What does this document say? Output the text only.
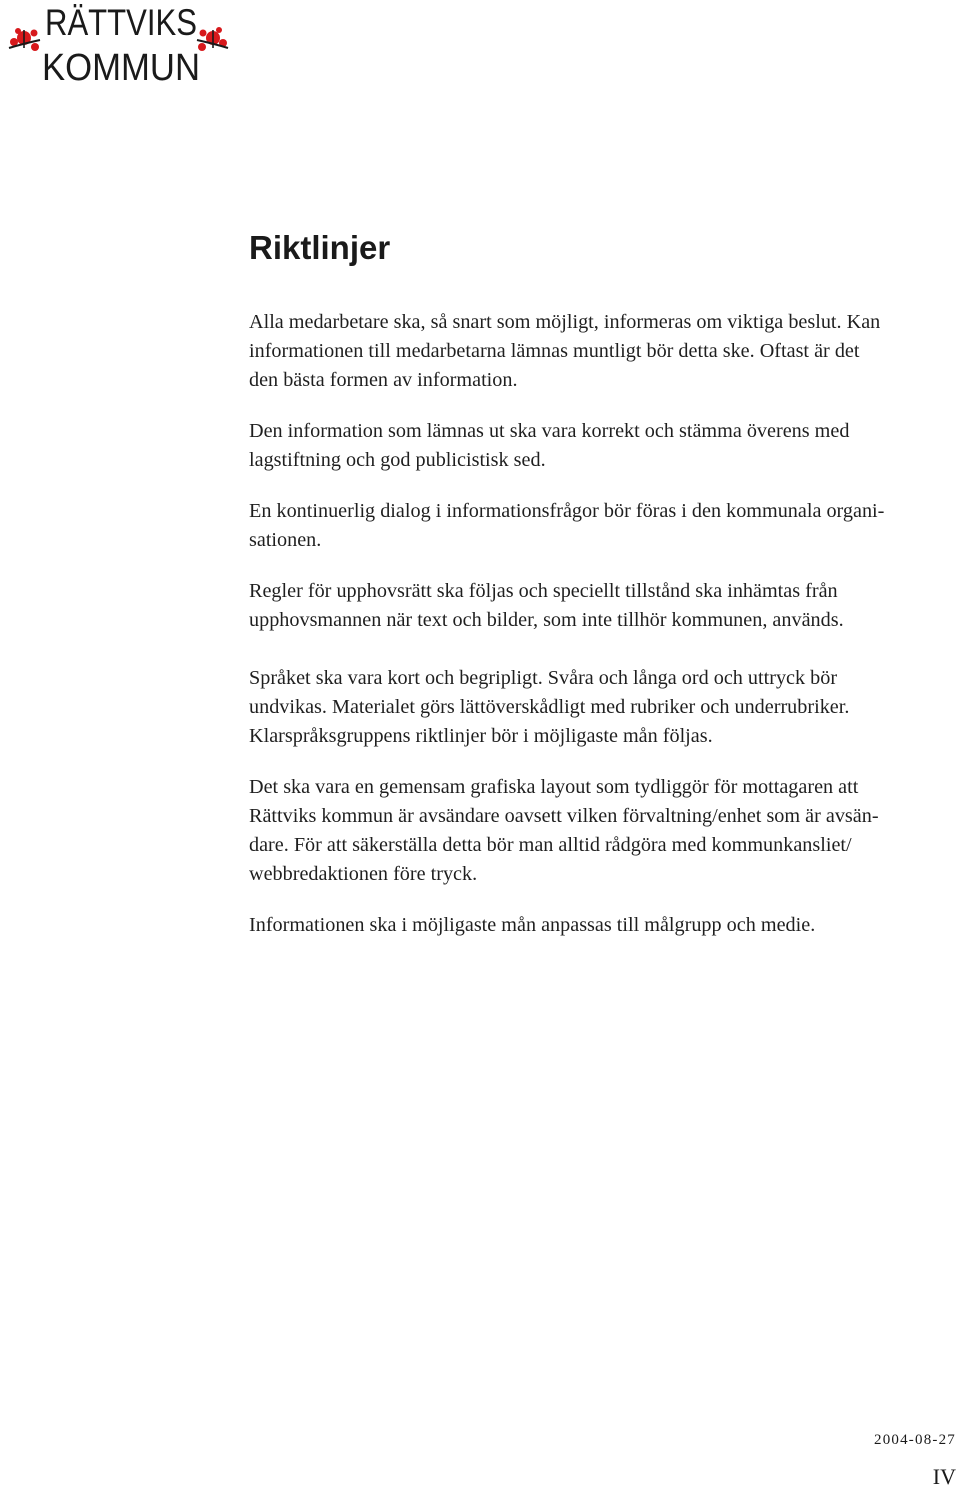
RÄTTVIKS
KOMMUN
Riktlinjer

Alla medarbetare ska, så snart som möjligt, informeras om viktiga beslut. Kan
informationen till medarbetarna lämnas muntligt bör detta ske. Oftast är det
den bästa formen av information.

Den information som lämnas ut ska vara korrekt och stämma överens med
lagstiftning och god publicistisk sed.

En kontinuerlig dialog i informationsfrågor bör föras i den kommunala organi-
sationen.

Regler för upphovsrätt ska följas och speciellt tillstånd ska inhämtas från
upphovsmannen när text och bilder, som inte tillhör kommunen, används.

Språket ska vara kort och begripligt. Svåra och långa ord och uttryck bör
undvikas. Materialet görs lättöverskådligt med rubriker och underrubriker.
Klarspråksgruppens riktlinjer bör i möjligaste mån följas.

Det ska vara en gemensam grafiska layout som tydliggör för mottagaren att
Rättviks kommun är avsändare oavsett vilken förvaltning/enhet som är avsän-
dare. För att säkerställa detta bör man alltid rådgöra med kommunkansliet/
webbredaktionen före tryck.

Informationen ska i möjligaste mån anpassas till målgrupp och medie.

2004-08-27
IV
